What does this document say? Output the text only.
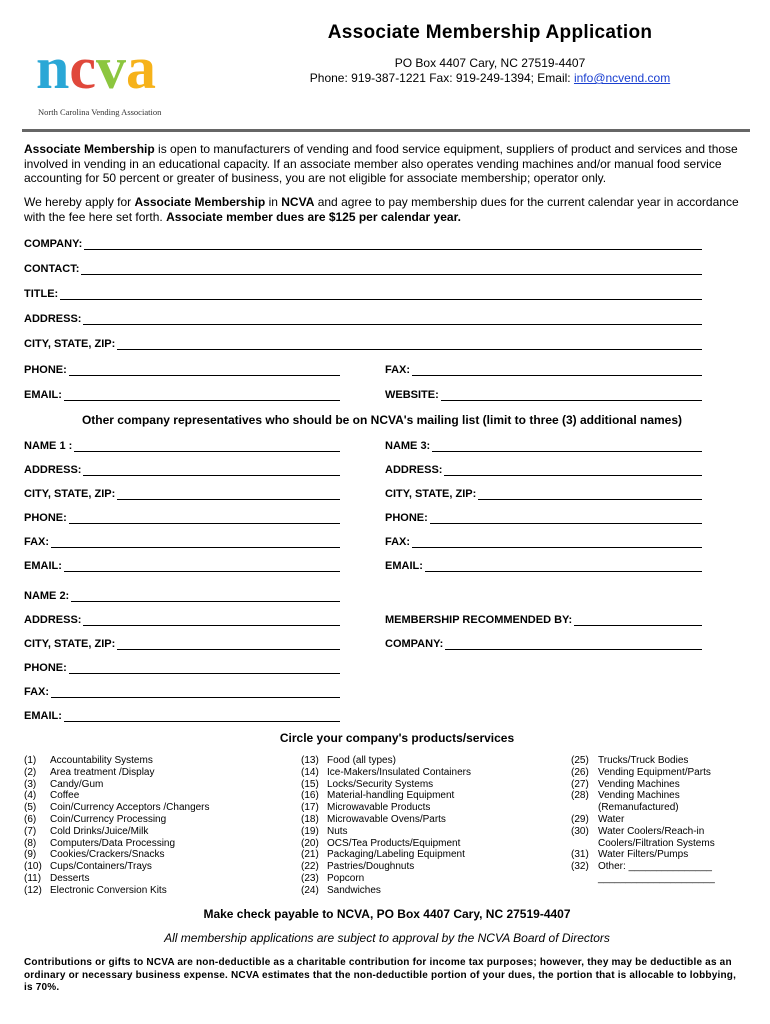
ncva
North Carolina Vending Association
Associate Membership Application
PO Box 4407 Cary, NC 27519-4407
Phone: 919-387-1221 Fax: 919-249-1394; Email: info@ncvend.com
Associate Membership is open to manufacturers of vending and food service equipment, suppliers of product and services and those involved in vending in an educational capacity. If an associate member also operates vending machines and/or manual food service accounting for 50 percent or greater of business, you are not eligible for associate membership; operator only.
We hereby apply for Associate Membership in NCVA and agree to pay membership dues for the current calendar year in accordance with the fee here set forth. Associate member dues are $125 per calendar year.
COMPANY:
CONTACT:
TITLE:
ADDRESS:
CITY, STATE, ZIP:
PHONE:	FAX:
EMAIL:	WEBSITE:
Other company representatives who should be on NCVA's mailing list (limit to three (3) additional names)
NAME 1 :
ADDRESS:
CITY, STATE, ZIP:
PHONE:
FAX:
EMAIL:
NAME 3:
ADDRESS:
CITY, STATE, ZIP:
PHONE:
FAX:
EMAIL:
NAME 2:
ADDRESS:
CITY, STATE, ZIP:
PHONE:
FAX:
EMAIL:
MEMBERSHIP RECOMMENDED BY:
COMPANY:
Circle your company's products/services
(1)	Accountability Systems
(2)	Area treatment /Display
(3)	Candy/Gum
(4)	Coffee
(5)	Coin/Currency Acceptors /Changers
(6)	Coin/Currency Processing
(7)	Cold Drinks/Juice/Milk
(8)	Computers/Data Processing
(9)	Cookies/Crackers/Snacks
(10) Cups/Containers/Trays
(11) Desserts
(12) Electronic Conversion Kits
(13) Food (all types)
(14) Ice-Makers/Insulated Containers
(15) Locks/Security Systems
(16) Material-handling Equipment
(17) Microwavable Products
(18) Microwavable Ovens/Parts
(19) Nuts
(20) OCS/Tea Products/Equipment
(21) Packaging/Labeling Equipment
(22) Pastries/Doughnuts
(23) Popcorn
(24) Sandwiches
(25) Trucks/Truck Bodies
(26) Vending Equipment/Parts
(27) Vending Machines
(28) Vending Machines
(Remanufactured)
(29) Water
(30) Water Coolers/Reach-in
Coolers/Filtration Systems
(31) Water Filters/Pumps
(32) Other: _______________
_____________________
Make check payable to NCVA, PO Box 4407 Cary, NC 27519-4407
All membership applications are subject to approval by the NCVA Board of Directors
Contributions or gifts to NCVA are non-deductible as a charitable contribution for income tax purposes; however, they may be deductible as an ordinary or necessary business expense. NCVA estimates that the non-deductible portion of your dues, the portion that is allocable to lobbying, is 70%.
